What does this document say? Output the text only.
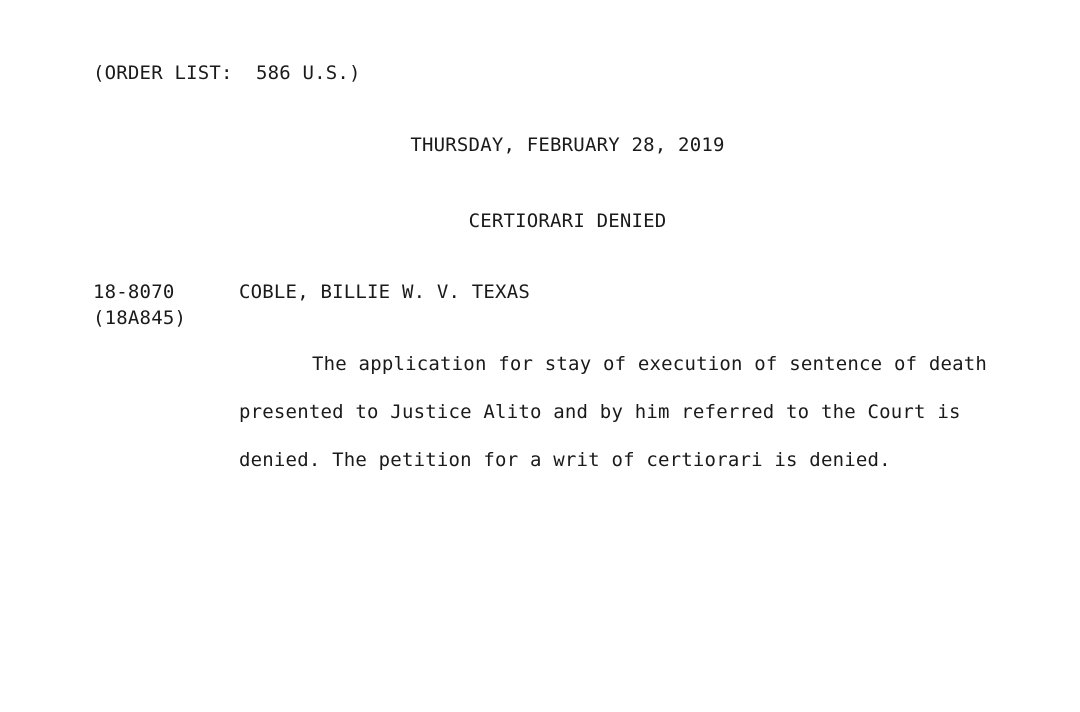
(ORDER LIST:  586 U.S.)
THURSDAY, FEBRUARY 28, 2019
CERTIORARI DENIED
18-8070
(18A845)
COBLE, BILLIE W. V. TEXAS
The application for stay of execution of sentence of death
presented to Justice Alito and by him referred to the Court is
denied. The petition for a writ of certiorari is denied.
